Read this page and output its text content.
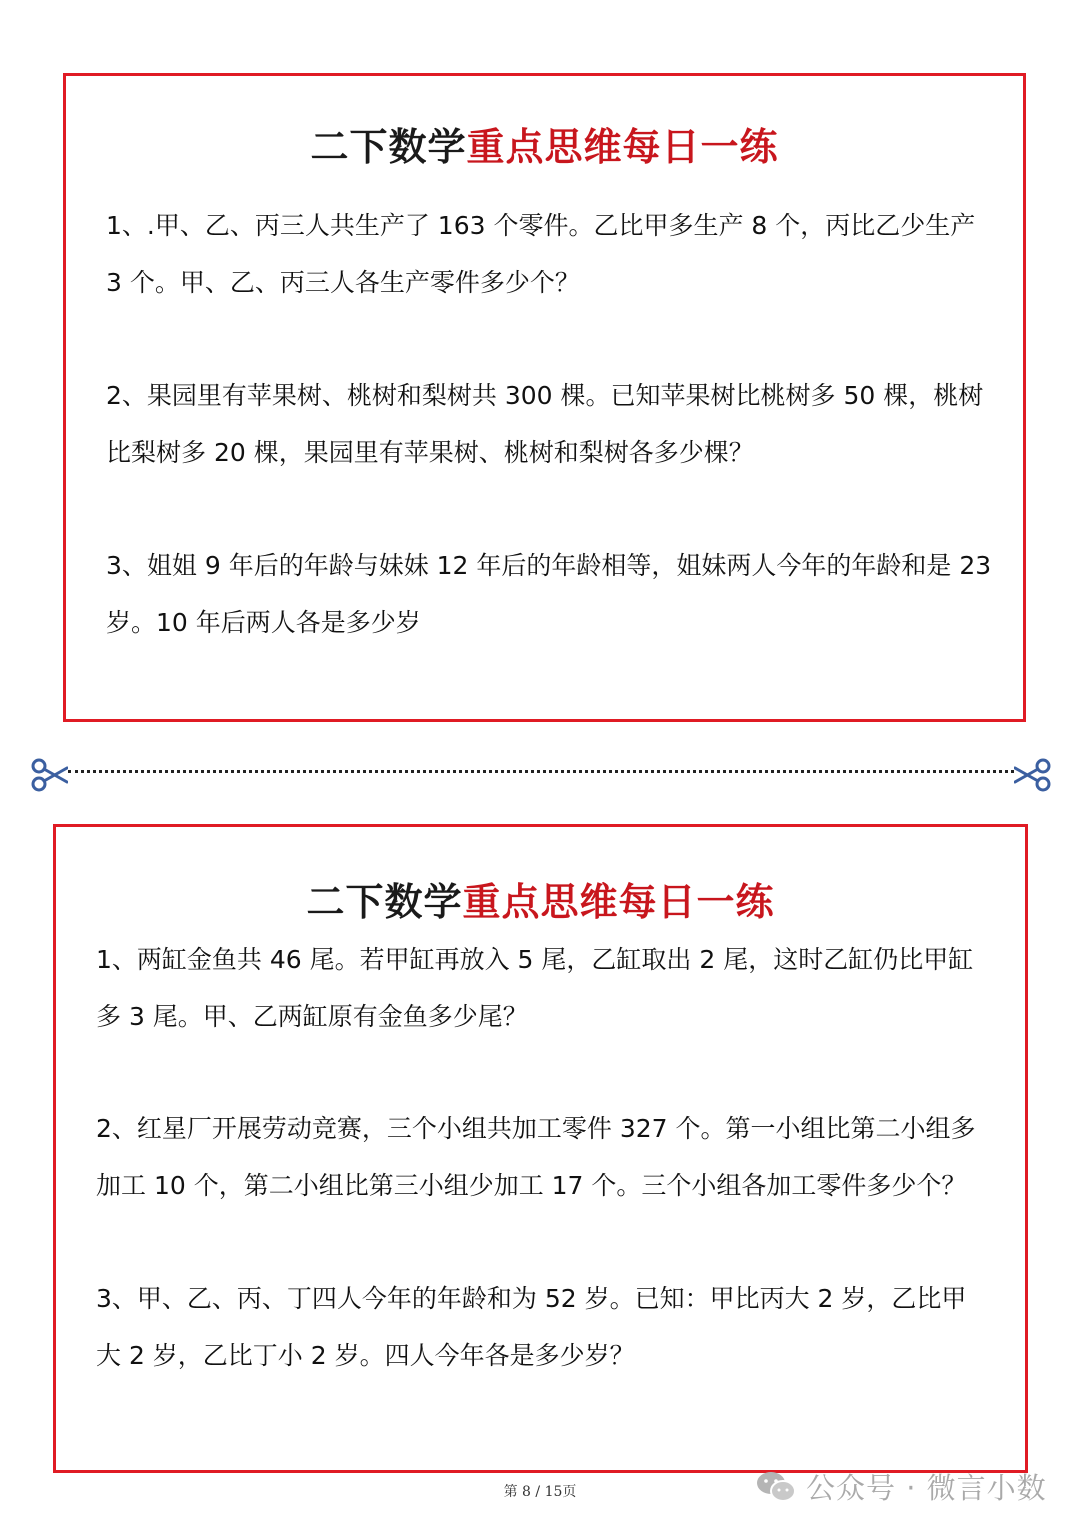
二下数学重点思维每日一练
1、.甲、乙、丙三人共生产了 163 个零件。乙比甲多生产 8 个，丙比乙少生产 3 个。甲、乙、丙三人各生产零件多少个？
2、果园里有苹果树、桃树和梨树共 300 棵。已知苹果树比桃树多 50 棵，桃树比梨树多 20 棵，果园里有苹果树、桃树和梨树各多少棵？
3、姐姐 9 年后的年龄与妹妹 12 年后的年龄相等，姐妹两人今年的年龄和是 23 岁。10 年后两人各是多少岁
二下数学重点思维每日一练
1、两缸金鱼共 46 尾。若甲缸再放入 5 尾，乙缸取出 2 尾，这时乙缸仍比甲缸多 3 尾。甲、乙两缸原有金鱼多少尾？
2、红星厂开展劳动竞赛，三个小组共加工零件 327 个。第一小组比第二小组多加工 10 个，第二小组比第三小组少加工 17 个。三个小组各加工零件多少个？
3、甲、乙、丙、丁四人今年的年龄和为 52 岁。已知：甲比丙大 2 岁，乙比甲大 2 岁，乙比丁小 2 岁。四人今年各是多少岁？
第 8 / 15页	公众号 · 微言小数
